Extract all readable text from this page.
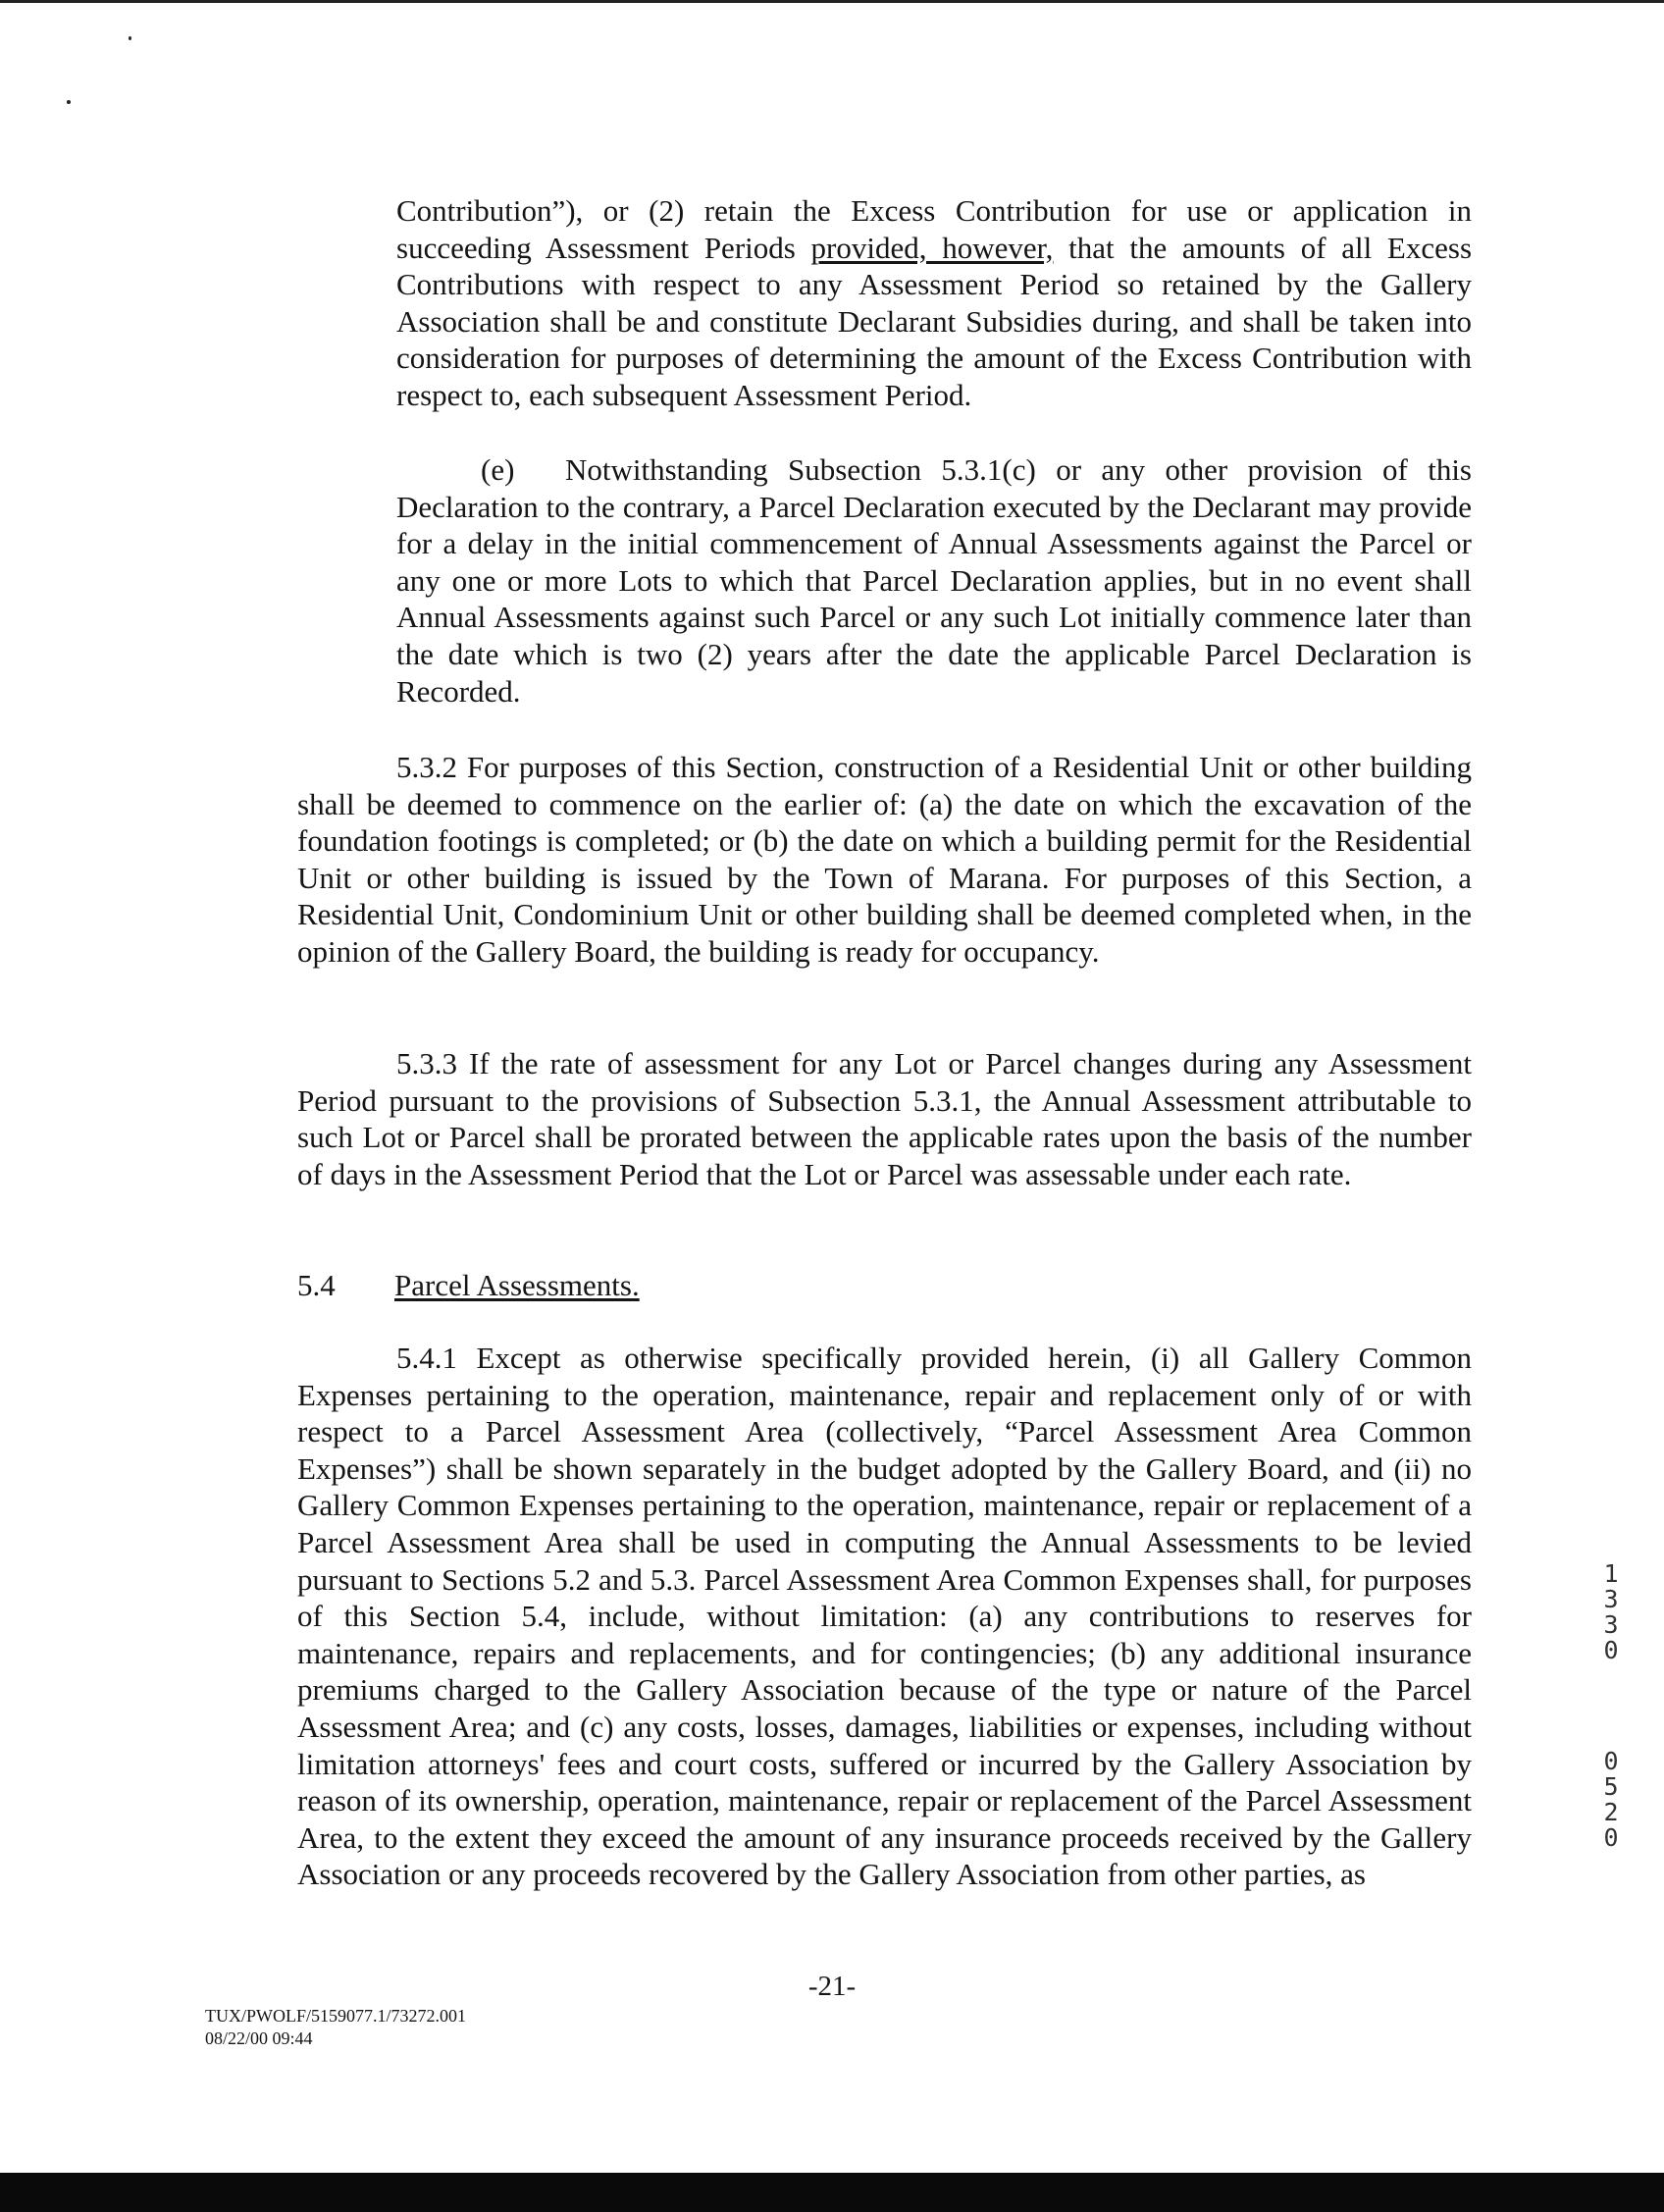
Contribution”), or (2) retain the Excess Contribution for use or application in succeeding Assessment Periods provided, however, that the amounts of all Excess Contributions with respect to any Assessment Period so retained by the Gallery Association shall be and constitute Declarant Subsidies during, and shall be taken into consideration for purposes of determining the amount of the Excess Contribution with respect to, each subsequent Assessment Period.

(e) Notwithstanding Subsection 5.3.1(c) or any other provision of this Declaration to the contrary, a Parcel Declaration executed by the Declarant may provide for a delay in the initial commencement of Annual Assessments against the Parcel or any one or more Lots to which that Parcel Declaration applies, but in no event shall Annual Assessments against such Parcel or any such Lot initially commence later than the date which is two (2) years after the date the applicable Parcel Declaration is Recorded.

5.3.2 For purposes of this Section, construction of a Residential Unit or other building shall be deemed to commence on the earlier of: (a) the date on which the excavation of the foundation footings is completed; or (b) the date on which a building permit for the Residential Unit or other building is issued by the Town of Marana. For purposes of this Section, a Residential Unit, Condominium Unit or other building shall be deemed completed when, in the opinion of the Gallery Board, the building is ready for occupancy.

5.3.3 If the rate of assessment for any Lot or Parcel changes during any Assessment Period pursuant to the provisions of Subsection 5.3.1, the Annual Assessment attributable to such Lot or Parcel shall be prorated between the applicable rates upon the basis of the number of days in the Assessment Period that the Lot or Parcel was assessable under each rate.

5.4 Parcel Assessments.

5.4.1 Except as otherwise specifically provided herein, (i) all Gallery Common Expenses pertaining to the operation, maintenance, repair and replacement only of or with respect to a Parcel Assessment Area (collectively, “Parcel Assessment Area Common Expenses”) shall be shown separately in the budget adopted by the Gallery Board, and (ii) no Gallery Common Expenses pertaining to the operation, maintenance, repair or replacement of a Parcel Assessment Area shall be used in computing the Annual Assessments to be levied pursuant to Sections 5.2 and 5.3. Parcel Assessment Area Common Expenses shall, for purposes of this Section 5.4, include, without limitation: (a) any contributions to reserves for maintenance, repairs and replacements, and for contingencies; (b) any additional insurance premiums charged to the Gallery Association because of the type or nature of the Parcel Assessment Area; and (c) any costs, losses, damages, liabilities or expenses, including without limitation attorneys' fees and court costs, suffered or incurred by the Gallery Association by reason of its ownership, operation, maintenance, repair or replacement of the Parcel Assessment Area, to the extent they exceed the amount of any insurance proceeds received by the Gallery Association or any proceeds recovered by the Gallery Association from other parties, as

-21-
TUX/PWOLF/5159077.1/73272.001
08/22/00 09:44
1
3
3
0
0
5
2
0
